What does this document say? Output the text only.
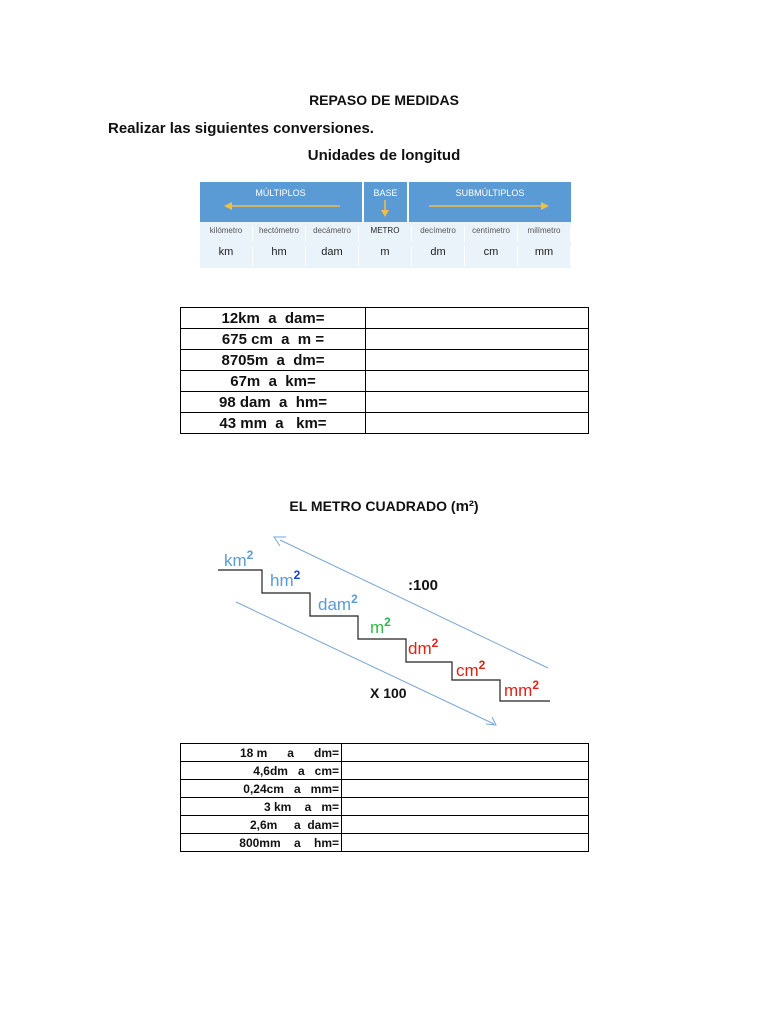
REPASO DE MEDIDAS
Realizar las siguientes conversiones.
Unidades de longitud
MÚLTIPLOS	BASE	SUBMÚLTIPLOS
kilómetro	hectómetro	decámetro	METRO	decímetro	centímetro	milímetro
km	hm	dam	m	dm	cm	mm
12km  a  dam=	
675 cm  a  m =	
8705m  a  dm=	
67m  a  km=	
98 dam  a  hm=	
43 mm  a   km=	
EL METRO CUADRADO (m²)
$km^2$
$hm^2$
dam$^2$
$m^2$
$dm^2$
$cm^2$
$mm^2$
:100
X 100
18 m      a      dm=	
4,6dm   a   cm=	
0,24cm   a   mm=	
3 km    a   m=	
2,6m     a  dam=	
800mm    a    hm=	
